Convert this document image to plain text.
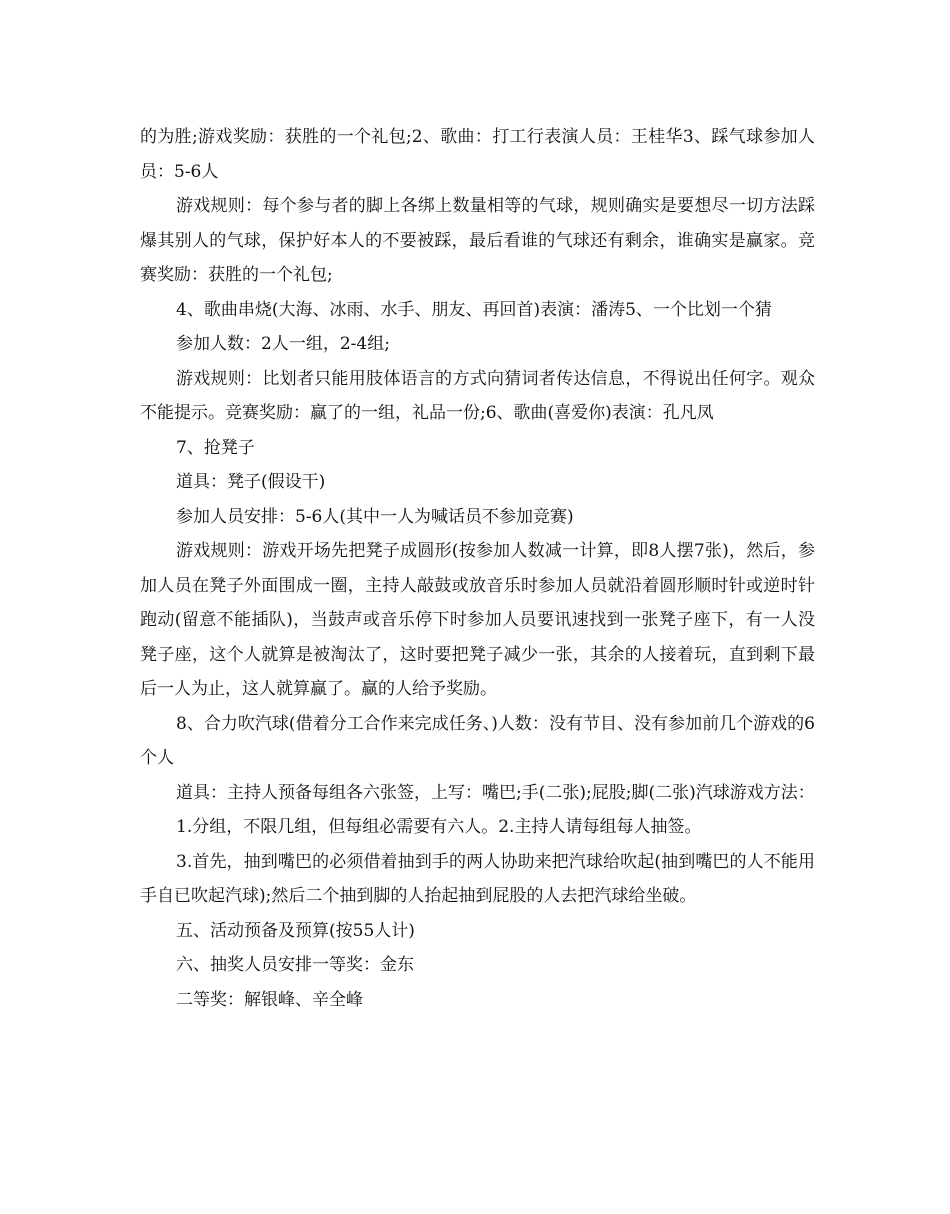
的为胜;游戏奖励：获胜的一个礼包;2、歌曲：打工行表演人员：王桂华3、踩气球参加人员：5-6人

游戏规则：每个参与者的脚上各绑上数量相等的气球，规则确实是要想尽一切方法踩爆其别人的气球，保护好本人的不要被踩，最后看谁的气球还有剩余，谁确实是赢家。竞赛奖励：获胜的一个礼包;

4、歌曲串烧(大海、冰雨、水手、朋友、再回首)表演：潘涛5、一个比划一个猜

参加人数：2人一组，2-4组;

游戏规则：比划者只能用肢体语言的方式向猜词者传达信息，不得说出任何字。观众不能提示。竞赛奖励：赢了的一组，礼品一份;6、歌曲(喜爱你)表演：孔凡凤

7、抢凳子

道具：凳子(假设干)

参加人员安排：5-6人(其中一人为喊话员不参加竞赛)

游戏规则：游戏开场先把凳子成圆形(按参加人数减一计算，即8人摆7张)，然后，参加人员在凳子外面围成一圈，主持人敲鼓或放音乐时参加人员就沿着圆形顺时针或逆时针跑动(留意不能插队)，当鼓声或音乐停下时参加人员要讯速找到一张凳子座下，有一人没凳子座，这个人就算是被淘汰了，这时要把凳子减少一张，其余的人接着玩，直到剩下最后一人为止，这人就算赢了。赢的人给予奖励。

8、合力吹汽球(借着分工合作来完成任务、)人数：没有节目、没有参加前几个游戏的6个人

道具：主持人预备每组各六张签，上写：嘴巴;手(二张);屁股;脚(二张)汽球游戏方法：

1.分组，不限几组，但每组必需要有六人。2.主持人请每组每人抽签。

3.首先，抽到嘴巴的必须借着抽到手的两人协助来把汽球给吹起(抽到嘴巴的人不能用手自已吹起汽球);然后二个抽到脚的人抬起抽到屁股的人去把汽球给坐破。

五、活动预备及预算(按55人计)

六、抽奖人员安排一等奖：金东

二等奖：解银峰、辛全峰
